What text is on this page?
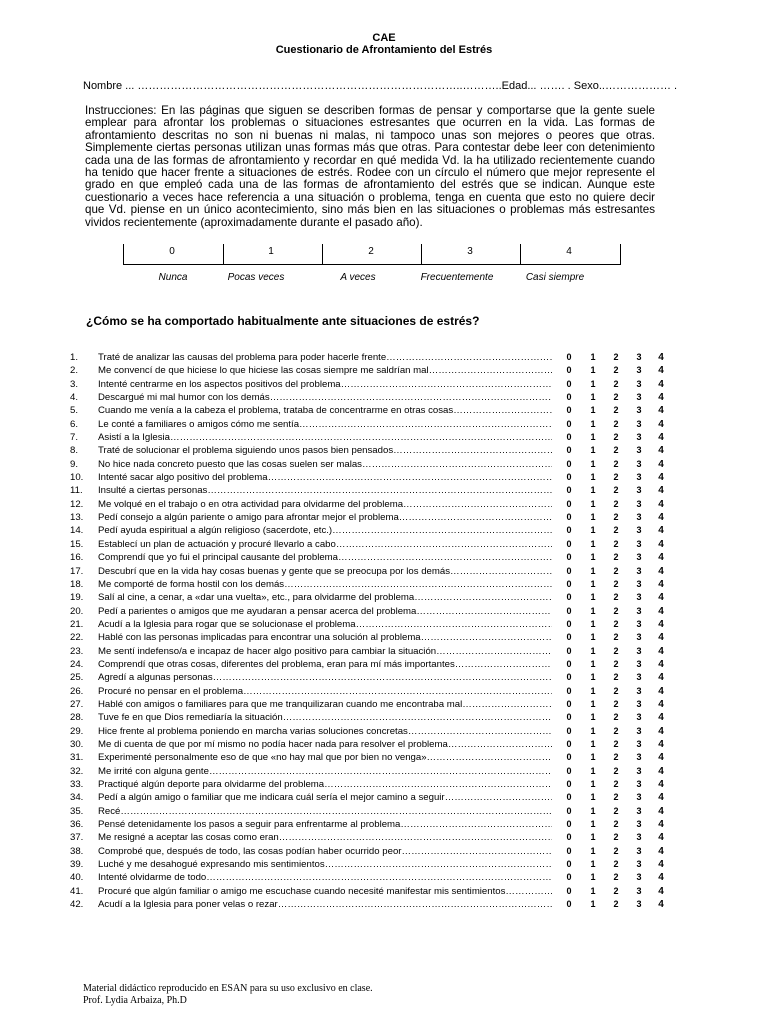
CAE
Cuestionario de Afrontamiento del Estrés
Nombre ... ……………………………………………………………………………..………..Edad... ……. . Sexo..……………… .
Instrucciones: En las páginas que siguen se describen formas de pensar y comportarse que la gente suele emplear para afrontar los problemas o situaciones estresantes que ocurren en la vida. Las formas de afrontamiento descritas no son ni buenas ni malas, ni tampoco unas son mejores o peores que otras. Simplemente ciertas personas utilizan unas formas más que otras. Para contestar debe leer con detenimiento cada una de las formas de afrontamiento y recordar en qué medida Vd. la ha utilizado recientemente cuando ha tenido que hacer frente a situaciones de estrés. Rodee con un círculo el número que mejor represente el grado en que empleó cada una de las formas de afrontamiento del estrés que se indican. Aunque este cuestionario a veces hace referencia a una situación o problema, tenga en cuenta que esto no quiere decir que Vd. piense en un único acontecimiento, sino más bien en las situaciones o problemas más estresantes vividos recientemente (aproximadamente durante el pasado año).
0	1	2	3	4
Nunca	Pocas veces	A veces	Frecuentemente	Casi siempre
¿Cómo se ha comportado habitualmente ante situaciones de estrés?
1. Traté de analizar las causas del problema para poder hacerle frente …………………………………………………………………………………………………………………………………………………………	0 1 2 3 4
2. Me convencí de que hiciese lo que hiciese las cosas siempre me saldrían mal …………………………………………………………………………………………………………………………………………………………	0 1 2 3 4
3. Intenté centrarme en los aspectos positivos del problema …………………………………………………………………………………………………………………………………………………………	0 1 2 3 4
4. Descargué mi mal humor con los demás …………………………………………………………………………………………………………………………………………………………	0 1 2 3 4
5. Cuando me venía a la cabeza el problema, trataba de concentrarme en otras cosas …………………………………………………………………………………………………………………………………………………………	0 1 2 3 4
6. Le conté a familiares o amigos cómo me sentía …………………………………………………………………………………………………………………………………………………………	0 1 2 3 4
7. Asistí a la Iglesia …………………………………………………………………………………………………………………………………………………………	0 1 2 3 4
8. Traté de solucionar el problema siguiendo unos pasos bien pensados …………………………………………………………………………………………………………………………………………………………	0 1 2 3 4
9. No hice nada concreto puesto que las cosas suelen ser malas …………………………………………………………………………………………………………………………………………………………	0 1 2 3 4
10. Intenté sacar algo positivo del problema …………………………………………………………………………………………………………………………………………………………	0 1 2 3 4
11. Insulté a ciertas personas …………………………………………………………………………………………………………………………………………………………	0 1 2 3 4
12. Me volqué en el trabajo o en otra actividad para olvidarme del problema …………………………………………………………………………………………………………………………………………………………	0 1 2 3 4
13. Pedí consejo a algún pariente o amigo para afrontar mejor el problema …………………………………………………………………………………………………………………………………………………………	0 1 2 3 4
14. Pedí ayuda espiritual a algún religioso (sacerdote, etc.) …………………………………………………………………………………………………………………………………………………………	0 1 2 3 4
15. Establecí un plan de actuación y procuré llevarlo a cabo …………………………………………………………………………………………………………………………………………………………	0 1 2 3 4
16. Comprendí que yo fui el principal causante del problema …………………………………………………………………………………………………………………………………………………………	0 1 2 3 4
17. Descubrí que en la vida hay cosas buenas y gente que se preocupa por los demás …………………………………………………………………………………………………………………………………………………………	0 1 2 3 4
18. Me comporté de forma hostil con los demás …………………………………………………………………………………………………………………………………………………………	0 1 2 3 4
19. Salí al cine, a cenar, a «dar una vuelta», etc., para olvidarme del problema …………………………………………………………………………………………………………………………………………………………	0 1 2 3 4
20. Pedí a parientes o amigos que me ayudaran a pensar acerca del problema …………………………………………………………………………………………………………………………………………………………	0 1 2 3 4
21. Acudí a la Iglesia para rogar que se solucionase el problema …………………………………………………………………………………………………………………………………………………………	0 1 2 3 4
22. Hablé con las personas implicadas para encontrar una solución al problema …………………………………………………………………………………………………………………………………………………………	0 1 2 3 4
23. Me sentí indefenso/a e incapaz de hacer algo positivo para cambiar la situación …………………………………………………………………………………………………………………………………………………………	0 1 2 3 4
24. Comprendí que otras cosas, diferentes del problema, eran para mí más importantes …………………………………………………………………………………………………………………………………………………………	0 1 2 3 4
25. Agredí a algunas personas …………………………………………………………………………………………………………………………………………………………	0 1 2 3 4
26. Procuré no pensar en el problema …………………………………………………………………………………………………………………………………………………………	0 1 2 3 4
27. Hablé con amigos o familiares para que me tranquilizaran cuando me encontraba mal …………………………………………………………………………………………………………………………………………………………	0 1 2 3 4
28. Tuve fe en que Dios remediaría la situación …………………………………………………………………………………………………………………………………………………………	0 1 2 3 4
29. Hice frente al problema poniendo en marcha varias soluciones concretas …………………………………………………………………………………………………………………………………………………………	0 1 2 3 4
30. Me di cuenta de que por mí mismo no podía hacer nada para resolver el problema …………………………………………………………………………………………………………………………………………………………	0 1 2 3 4
31. Experimenté personalmente eso de que «no hay mal que por bien no venga» …………………………………………………………………………………………………………………………………………………………	0 1 2 3 4
32. Me irrité con alguna gente …………………………………………………………………………………………………………………………………………………………	0 1 2 3 4
33. Practiqué algún deporte para olvidarme del problema …………………………………………………………………………………………………………………………………………………………	0 1 2 3 4
34. Pedí a algún amigo o familiar que me indicara cuál sería el mejor camino a seguir …………………………………………………………………………………………………………………………………………………………	0 1 2 3 4
35. Recé …………………………………………………………………………………………………………………………………………………………	0 1 2 3 4
36. Pensé detenidamente los pasos a seguir para enfrentarme al problema …………………………………………………………………………………………………………………………………………………………	0 1 2 3 4
37. Me resigné a aceptar las cosas como eran …………………………………………………………………………………………………………………………………………………………	0 1 2 3 4
38. Comprobé que, después de todo, las cosas podían haber ocurrido peor …………………………………………………………………………………………………………………………………………………………	0 1 2 3 4
39. Luché y me desahogué expresando mis sentimientos …………………………………………………………………………………………………………………………………………………………	0 1 2 3 4
40. Intenté olvidarme de todo …………………………………………………………………………………………………………………………………………………………	0 1 2 3 4
41. Procuré que algún familiar o amigo me escuchase cuando necesité manifestar mis sentimientos …………………………………………………………………………………………………………………………………………………………	0 1 2 3 4
42. Acudí a la Iglesia para poner velas o rezar …………………………………………………………………………………………………………………………………………………………	0 1 2 3 4
Material didáctico reproducido en ESAN para su uso exclusivo en clase.
Prof. Lydia Arbaiza, Ph.D
